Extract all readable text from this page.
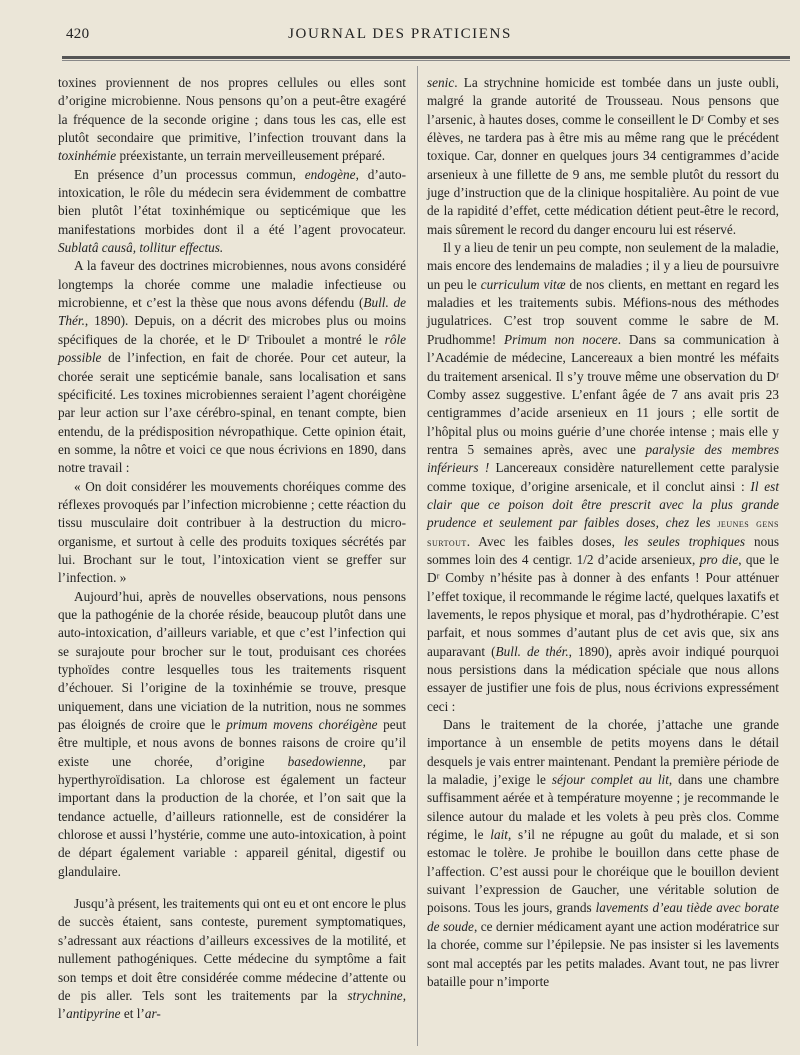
420	JOURNAL DES PRATICIENS

toxines proviennent de nos propres cellules ou elles sont d’origine microbienne. Nous pensons qu’on a peut-être exagéré la fréquence de la seconde origine ; dans tous les cas, elle est plutôt secondaire que primitive, l’infection trouvant dans la toxinhémie préexistante, un terrain merveilleusement préparé.

En présence d’un processus commun, endogène, d’auto-intoxication, le rôle du médecin sera évidemment de combattre bien plutôt l’état toxinhémique ou septicémique que les manifestations morbides dont il a été l’agent provocateur. Sublatâ causâ, tollitur effectus.

A la faveur des doctrines microbiennes, nous avons considéré longtemps la chorée comme une maladie infectieuse ou microbienne, et c’est la thèse que nous avons défendu (Bull. de Thér., 1890). Depuis, on a décrit des microbes plus ou moins spécifiques de la chorée, et le Dʳ Triboulet a montré le rôle possible de l’infection, en fait de chorée. Pour cet auteur, la chorée serait une septicémie banale, sans localisation et sans spécificité. Les toxines microbiennes seraient l’agent choréigène par leur action sur l’axe cérébro-spinal, en tenant compte, bien entendu, de la prédisposition névropathique. Cette opinion était, en somme, la nôtre et voici ce que nous écrivions en 1890, dans notre travail :

« On doit considérer les mouvements choréiques comme des réflexes provoqués par l’infection microbienne ; cette réaction du tissu musculaire doit contribuer à la destruction du micro-organisme, et surtout à celle des produits toxiques sécrétés par lui. Brochant sur le tout, l’intoxication vient se greffer sur l’infection. »

Aujourd’hui, après de nouvelles observations, nous pensons que la pathogénie de la chorée réside, beaucoup plutôt dans une auto-intoxication, d’ailleurs variable, et que c’est l’infection qui se surajoute pour brocher sur le tout, produisant ces chorées typhoïdes contre lesquelles tous les traitements risquent d’échouer. Si l’origine de la toxinhémie se trouve, presque uniquement, dans une viciation de la nutrition, nous ne sommes pas éloignés de croire que le primum movens choréigène peut être multiple, et nous avons de bonnes raisons de croire qu’il existe une chorée, d’origine basedowienne, par hyperthyroïdisation. La chlorose est également un facteur important dans la production de la chorée, et l’on sait que la tendance actuelle, d’ailleurs rationnelle, est de considérer la chlorose et aussi l’hystérie, comme une auto-intoxication, à point de départ également variable : appareil génital, digestif ou glandulaire.

Jusqu’à présent, les traitements qui ont eu et ont encore le plus de succès étaient, sans conteste, purement symptomatiques, s’adressant aux réactions d’ailleurs excessives de la motilité, et nullement pathogéniques. Cette médecine du symptôme a fait son temps et doit être considérée comme médecine d’attente ou de pis aller. Tels sont les traitements par la strychnine, l’antipyrine et l’ar-

senic. La strychnine homicide est tombée dans un juste oubli, malgré la grande autorité de Trousseau. Nous pensons que l’arsenic, à hautes doses, comme le conseillent le Dʳ Comby et ses élèves, ne tardera pas à être mis au même rang que le précédent toxique. Car, donner en quelques jours 34 centigrammes d’acide arsenieux à une fillette de 9 ans, me semble plutôt du ressort du juge d’instruction que de la clinique hospitalière. Au point de vue de la rapidité d’effet, cette médication détient peut-être le record, mais sûrement le record du danger encouru lui est réservé.

Il y a lieu de tenir un peu compte, non seulement de la maladie, mais encore des lendemains de maladies ; il y a lieu de poursuivre un peu le curriculum vitæ de nos clients, en mettant en regard les maladies et les traitements subis. Méfions-nous des méthodes jugulatrices. C’est trop souvent comme le sabre de M. Prudhomme! Primum non nocere. Dans sa communication à l’Académie de médecine, Lancereaux a bien montré les méfaits du traitement arsenical. Il s’y trouve même une observation du Dʳ Comby assez suggestive. L’enfant âgée de 7 ans avait pris 23 centigrammes d’acide arsenieux en 11 jours ; elle sortit de l’hôpital plus ou moins guérie d’une chorée intense ; mais elle y rentra 5 semaines après, avec une paralysie des membres inférieurs ! Lancereaux considère naturellement cette paralysie comme toxique, d’origine arsenicale, et il conclut ainsi : Il est clair que ce poison doit être prescrit avec la plus grande prudence et seulement par faibles doses, chez les jeunes gens surtout. Avec les faibles doses, les seules trophiques nous sommes loin des 4 centigr. 1/2 d’acide arsenieux, pro die, que le Dʳ Comby n’hésite pas à donner à des enfants ! Pour atténuer l’effet toxique, il recommande le régime lacté, quelques laxatifs et lavements, le repos physique et moral, pas d’hydrothérapie. C’est parfait, et nous sommes d’autant plus de cet avis que, six ans auparavant (Bull. de thér., 1890), après avoir indiqué pourquoi nous persistions dans la médication spéciale que nous allons essayer de justifier une fois de plus, nous écrivions expressément ceci :

Dans le traitement de la chorée, j’attache une grande importance à un ensemble de petits moyens dans le détail desquels je vais entrer maintenant. Pendant la première période de la maladie, j’exige le séjour complet au lit, dans une chambre suffisamment aérée et à température moyenne ; je recommande le silence autour du malade et les volets à peu près clos. Comme régime, le lait, s’il ne répugne au goût du malade, et si son estomac le tolère. Je prohibe le bouillon dans cette phase de l’affection. C’est aussi pour le choréique que le bouillon devient suivant l’expression de Gaucher, une véritable solution de poisons. Tous les jours, grands lavements d’eau tiède avec borate de soude, ce dernier médicament ayant une action modératrice sur la chorée, comme sur l’épilepsie. Ne pas insister si les lavements sont mal acceptés par les petits malades. Avant tout, ne pas livrer bataille pour n’importe
